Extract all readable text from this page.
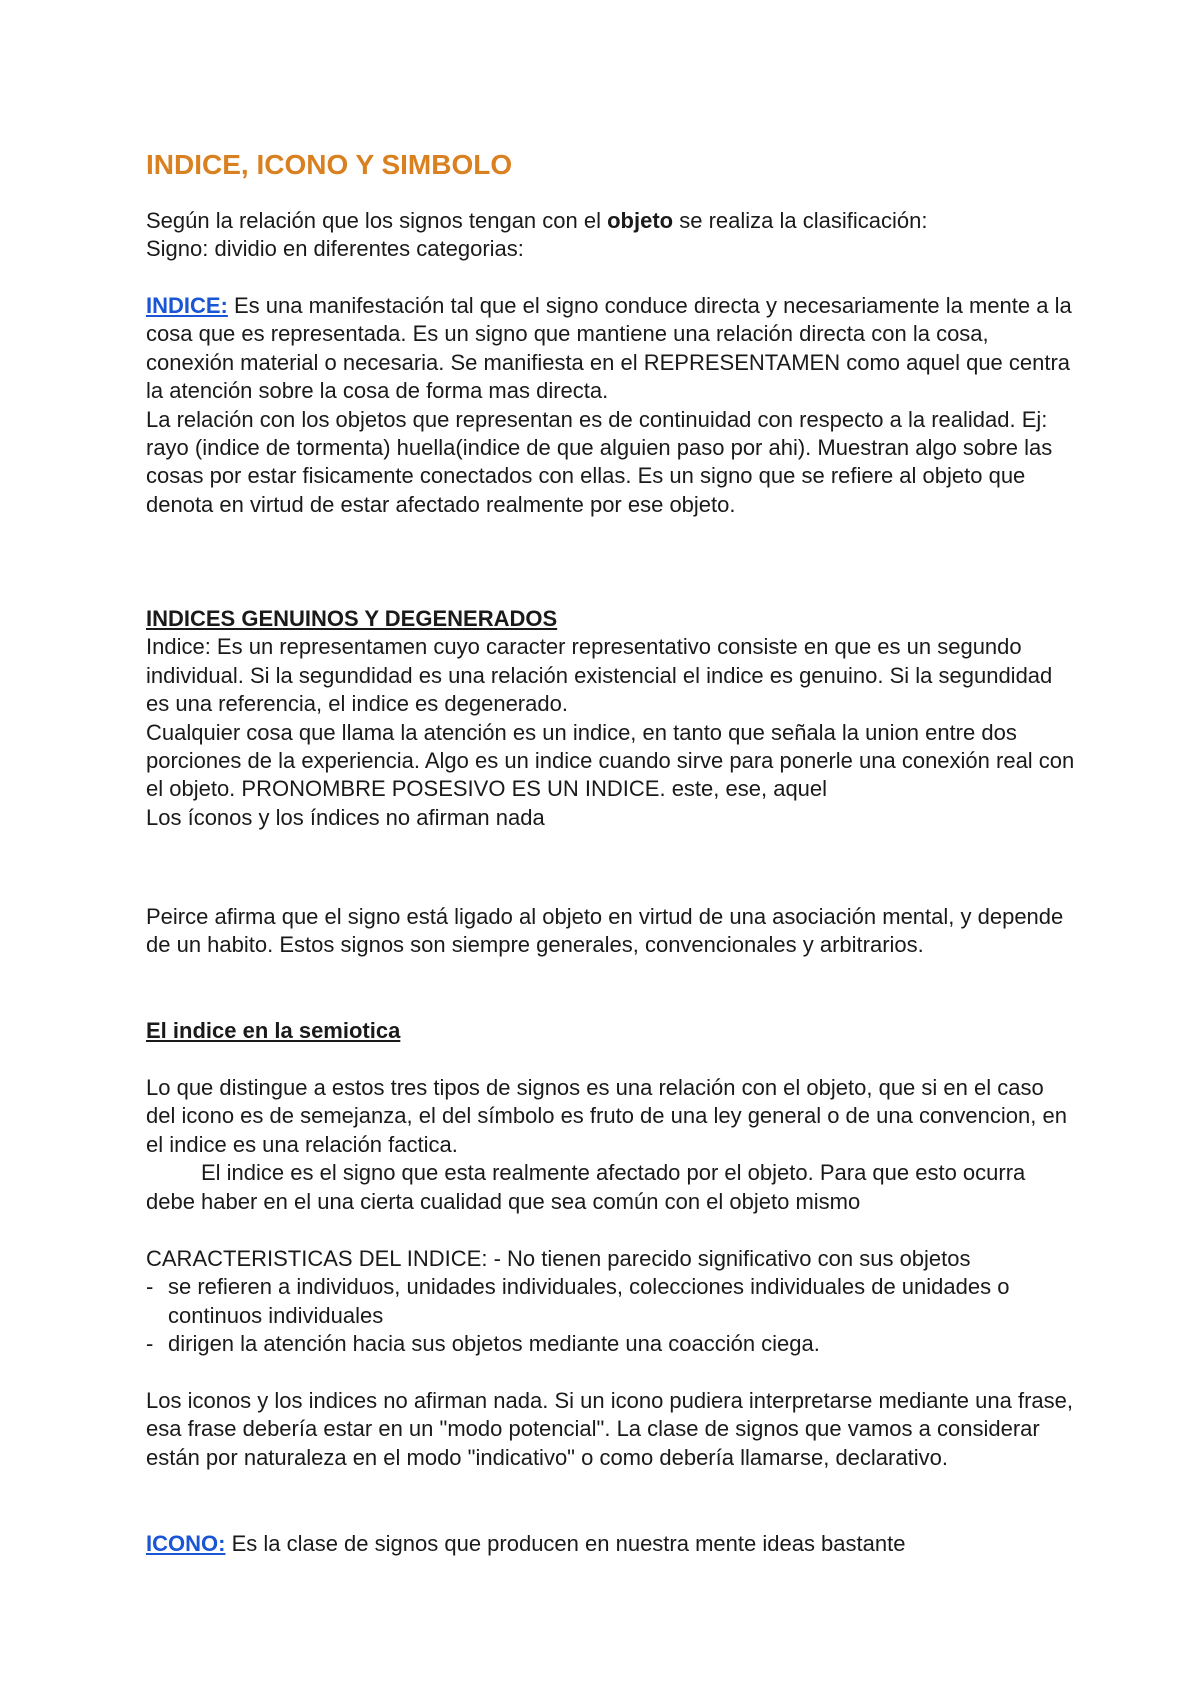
INDICE, ICONO Y SIMBOLO

Según la relación que los signos tengan con el objeto se realiza la clasificación:
Signo: dividio en diferentes categorias:

INDICE: Es una manifestación tal que el signo conduce directa y necesariamente la mente a la cosa que es representada. Es un signo que mantiene una relación directa con la cosa, conexión material o necesaria. Se manifiesta en el REPRESENTAMEN como aquel que centra la atención sobre la cosa de forma mas directa.
La relación con los objetos que representan es de continuidad con respecto a la realidad. Ej: rayo (indice de tormenta) huella(indice de que alguien paso por ahi). Muestran algo sobre las cosas por estar fisicamente conectados con ellas. Es un signo que se refiere al objeto que denota en virtud de estar afectado realmente por ese objeto.

INDICES GENUINOS Y DEGENERADOS
Indice: Es un representamen cuyo caracter representativo consiste en que es un segundo individual. Si la segundidad es una relación existencial el indice es genuino. Si la segundidad es una referencia, el indice es degenerado.
Cualquier cosa que llama la atención es un indice, en tanto que señala la union entre dos porciones de la experiencia. Algo es un indice cuando sirve para ponerle una conexión real con el objeto. PRONOMBRE POSESIVO ES UN INDICE. este, ese, aquel
Los íconos y los índices no afirman nada

Peirce afirma que el signo está ligado al objeto en virtud de una asociación mental, y depende de un habito. Estos signos son siempre generales, convencionales y arbitrarios.

El indice en la semiotica

Lo que distingue a estos tres tipos de signos es una relación con el objeto, que si en el caso del icono es de semejanza, el del símbolo es fruto de una ley general o de una convencion, en el indice es una relación factica.
El indice es el signo que esta realmente afectado por el objeto. Para que esto ocurra debe haber en el una cierta cualidad que sea común con el objeto mismo

CARACTERISTICAS DEL INDICE: - No tienen parecido significativo con sus objetos
- se refieren a individuos, unidades individuales, colecciones individuales de unidades o continuos individuales
- dirigen la atención hacia sus objetos mediante una coacción ciega.

Los iconos y los indices no afirman nada. Si un icono pudiera interpretarse mediante una frase, esa frase debería estar en un "modo potencial". La clase de signos que vamos a considerar están por naturaleza en el modo "indicativo" o como debería llamarse, declarativo.

ICONO: Es la clase de signos que producen en nuestra mente ideas bastante
